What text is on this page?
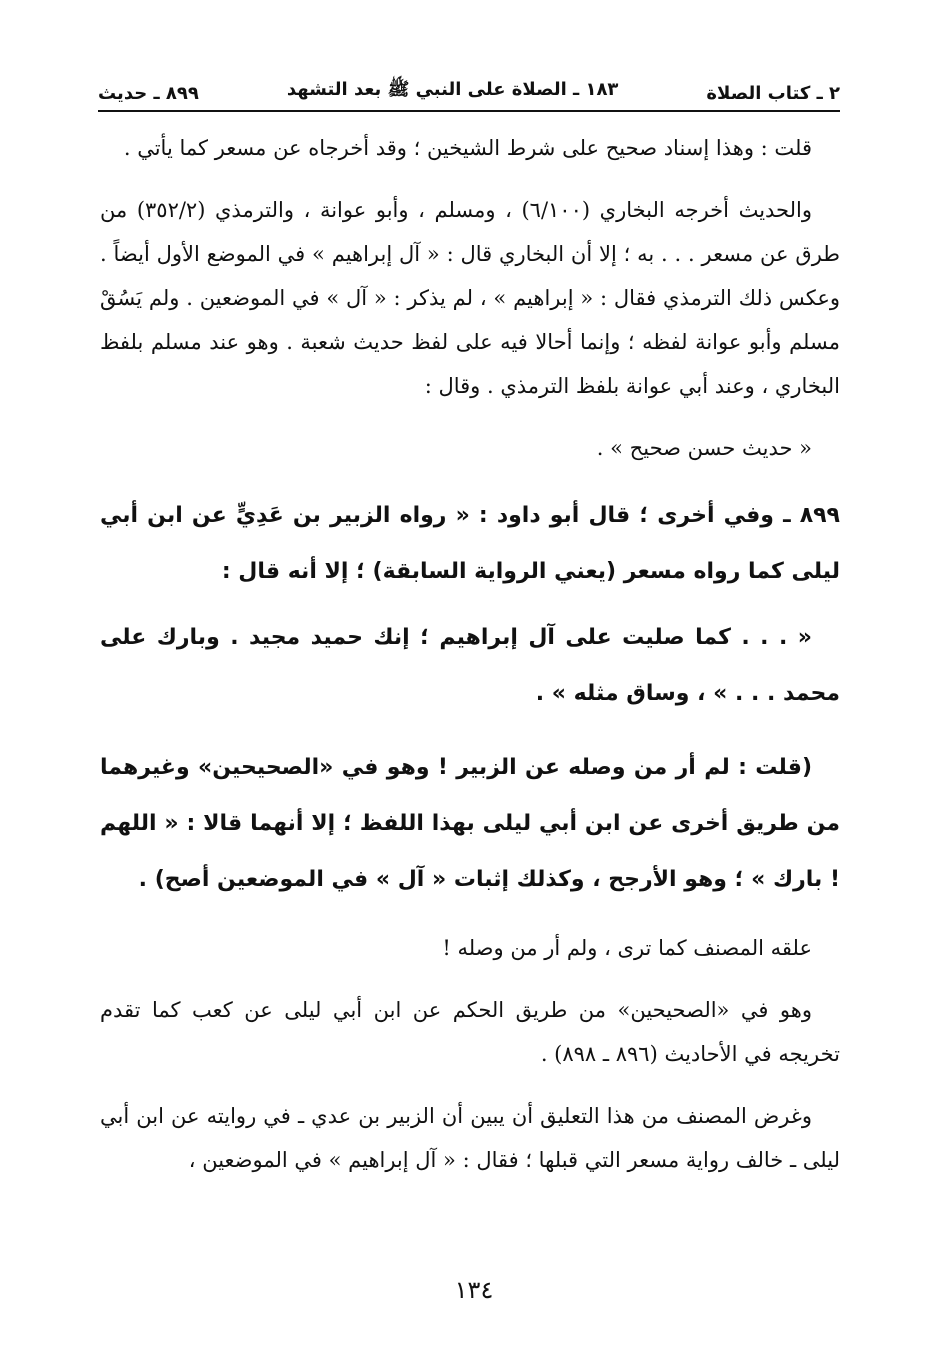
٢ ـ كتاب الصلاة
١٨٣ ـ الصلاة على النبي ﷺ بعد التشهد
٨٩٩ ـ حديث

قلت : وهذا إسناد صحيح على شرط الشيخين ؛ وقد أخرجاه عن مسعر كما يأتي .

والحديث أخرجه البخاري (٦/١٠٠) ، ومسلم ، وأبو عوانة ، والترمذي (٣٥٢/٢) من طرق عن مسعر . . . به ؛ إلا أن البخاري قال : « آل إبراهيم » في الموضع الأول أيضاً . وعكس ذلك الترمذي فقال : « إبراهيم » ، لم يذكر : « آل » في الموضعين . ولم يَسُقْ مسلم وأبو عوانة لفظه ؛ وإنما أحالا فيه على لفظ حديث شعبة . وهو عند مسلم بلفظ البخاري ، وعند أبي عوانة بلفظ الترمذي . وقال :

« حديث حسن صحيح » .

٨٩٩ ـ وفي أخرى ؛ قال أبو داود : « رواه الزبير بن عَدِيٍّ عن ابن أبي ليلى كما رواه مسعر (يعني الرواية السابقة) ؛ إلا أنه قال :

« . . . كما صليت على آل إبراهيم ؛ إنك حميد مجيد . وبارك على محمد . . . » ، وساق مثله » .

(قلت : لم أر من وصله عن الزبير ! وهو في «الصحيحين» وغيرهما من طريق أخرى عن ابن أبي ليلى بهذا اللفظ ؛ إلا أنهما قالا : « اللهم ! بارك » ؛ وهو الأرجح ، وكذلك إثبات « آل » في الموضعين أصح) .

علقه المصنف كما ترى ، ولم أر من وصله !

وهو في «الصحيحين» من طريق الحكم عن ابن أبي ليلى عن كعب كما تقدم تخريجه في الأحاديث (٨٩٦ ـ ٨٩٨) .

وغرض المصنف من هذا التعليق أن يبين أن الزبير بن عدي ـ في روايته عن ابن أبي ليلى ـ خالف رواية مسعر التي قبلها ؛ فقال : « آل إبراهيم » في الموضعين ،

١٣٤
